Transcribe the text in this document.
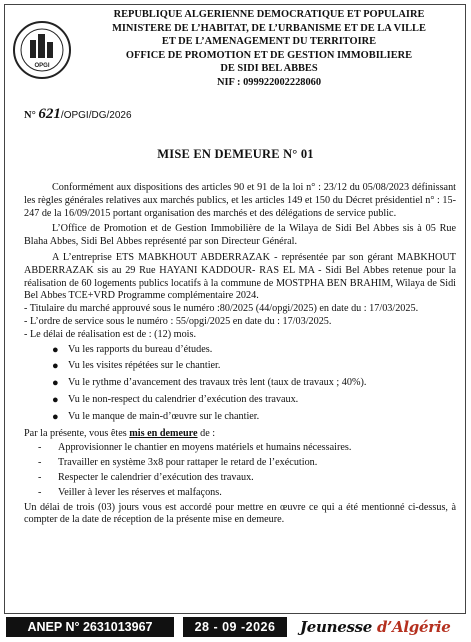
OPGI
REPUBLIQUE ALGERIENNE DEMOCRATIQUE ET POPULAIRE
MINISTERE DE L’HABITAT, DE L’URBANISME ET DE LA VILLE
ET DE L’AMENAGEMENT DU TERRITOIRE
OFFICE DE PROMOTION ET DE GESTION IMMOBILIERE
DE SIDI BEL ABBES
NIF : 099922002228060
N° 621/OPGI/DG/2026
MISE EN DEMEURE N° 01

Conformément aux dispositions des articles 90 et 91 de la loi n° : 23/12 du 05/08/2023 définissant les règles générales relatives aux marchés publics, et les articles 149 et 150 du Décret présidentiel n° : 15-247 de la 16/09/2015 portant organisation des marchés et des délégations de service public.

L’Office de Promotion et de Gestion Immobilière de la Wilaya de Sidi Bel Abbes sis à 05 Rue Blaha Abbes, Sidi Bel Abbes représenté par son Directeur Général.

A L’entreprise ETS MABKHOUT ABDERRAZAK - représentée par son gérant MABKHOUT ABDERRAZAK sis au 29 Rue HAYANI KADDOUR- RAS EL MA - Sidi Bel Abbes retenue pour la réalisation de 60 logements publics locatifs à la commune de MOSTPHA BEN BRAHIM, Wilaya de Sidi Bel Abbes TCE+VRD Programme complémentaire 2024.

- Titulaire du marché approuvé sous le numéro :80/2025 (44/opgi/2025) en date du : 17/03/2025.

- L’ordre de service sous le numéro : 55/opgi/2025 en date du : 17/03/2025.

- Le délai de réalisation est de : (12) mois.

● Vu les rapports du bureau d’études.
● Vu les visites répétées sur le chantier.
● Vu le rythme d’avancement des travaux très lent (taux de travaux ; 40%).
● Vu le non-respect du calendrier d’exécution des travaux.
● Vu le manque de main-d’œuvre sur le chantier.

Par la présente, vous êtes mis en demeure de :

- Approvisionner le chantier en moyens matériels et humains nécessaires.
- Travailler en système 3x8 pour rattaper le retard de l’exécution.
- Respecter le calendrier d’exécution des travaux.
- Veiller à lever les réserves et malfaçons.

Un délai de trois (03) jours vous est accordé pour mettre en œuvre ce qui a été mentionné ci-dessus, à compter de la date de réception de la présente mise en demeure.

ANEP N° 2631013967	28 - 09 -2026	Jeunesse d’Algérie
